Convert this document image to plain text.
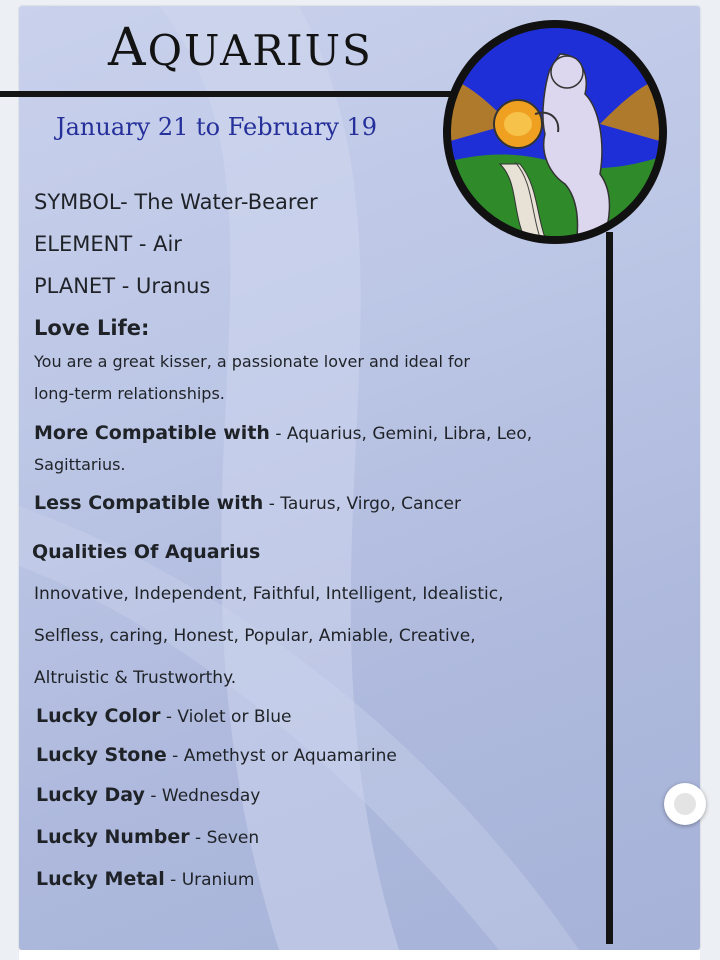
AQUARIUS
January 21 to February 19
SYMBOL- The Water-Bearer
ELEMENT - Air
PLANET - Uranus
Love Life:
You are a great kisser, a passionate lover and ideal for
long-term relationships.
More Compatible with - Aquarius, Gemini, Libra, Leo,
Sagittarius.
Less Compatible with - Taurus, Virgo, Cancer
Qualities Of Aquarius
Innovative, Independent, Faithful, Intelligent, Idealistic,
Selfless, caring, Honest, Popular, Amiable, Creative,
Altruistic & Trustworthy.
Lucky Color - Violet or Blue
Lucky Stone - Amethyst or Aquamarine
Lucky Day - Wednesday
Lucky Number - Seven
Lucky Metal - Uranium
